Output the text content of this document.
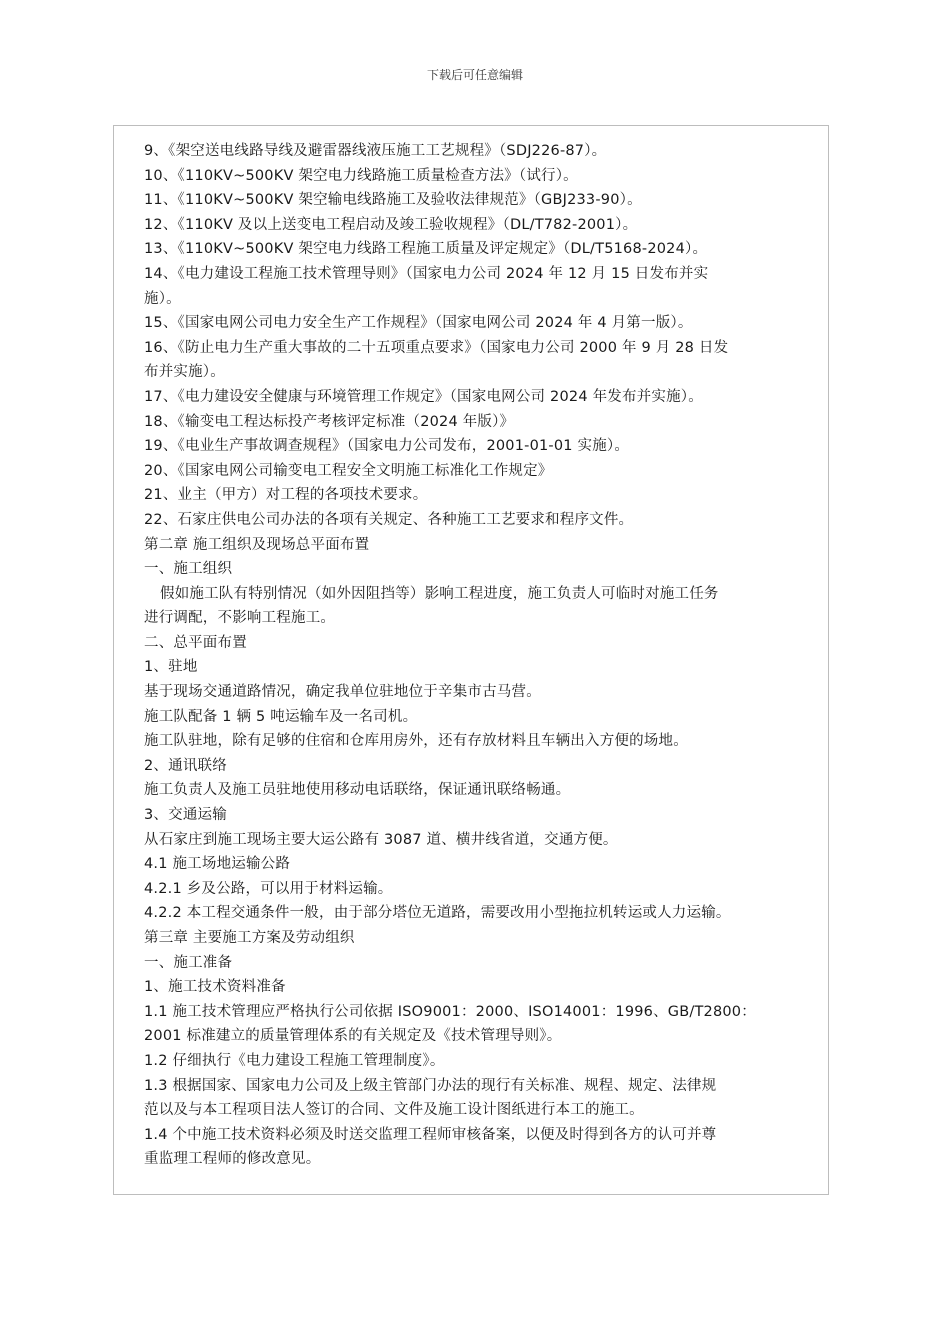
下载后可任意编辑
9、《架空送电线路导线及避雷器线液压施工工艺规程》（SDJ226-87）。
10、《110KV~500KV 架空电力线路施工质量检查方法》（试行）。
11、《110KV~500KV 架空输电线路施工及验收法律规范》（GBJ233-90）。
12、《110KV 及以上送变电工程启动及竣工验收规程》（DL/T782-2001）。
13、《110KV~500KV 架空电力线路工程施工质量及评定规定》（DL/T5168-2024）。
14、《电力建设工程施工技术管理导则》（国家电力公司 2024 年 12 月 15 日发布并实
施）。
15、《国家电网公司电力安全生产工作规程》（国家电网公司 2024 年 4 月第一版）。
16、《防止电力生产重大事故的二十五项重点要求》（国家电力公司 2000 年 9 月 28 日发
布并实施）。
17、《电力建设安全健康与环境管理工作规定》（国家电网公司 2024 年发布并实施）。
18、《输变电工程达标投产考核评定标准（2024 年版）》
19、《电业生产事故调查规程》（国家电力公司发布，2001-01-01 实施）。
20、《国家电网公司输变电工程安全文明施工标准化工作规定》
21、业主（甲方）对工程的各项技术要求。
22、石家庄供电公司办法的各项有关规定、各种施工工艺要求和程序文件。
第二章 施工组织及现场总平面布置
一、施工组织
假如施工队有特别情况（如外因阻挡等）影响工程进度，施工负责人可临时对施工任务
进行调配，不影响工程施工。
二、总平面布置
1、驻地
基于现场交通道路情况，确定我单位驻地位于辛集市古马营。
施工队配备 1 辆 5 吨运输车及一名司机。
施工队驻地，除有足够的住宿和仓库用房外，还有存放材料且车辆出入方便的场地。
2、通讯联络
施工负责人及施工员驻地使用移动电话联络，保证通讯联络畅通。
3、交通运输
从石家庄到施工现场主要大运公路有 3087 道、横井线省道，交通方便。
4.1 施工场地运输公路
4.2.1 乡及公路，可以用于材料运输。
4.2.2 本工程交通条件一般，由于部分塔位无道路，需要改用小型拖拉机转运或人力运输。
第三章 主要施工方案及劳动组织
一、施工准备
1、施工技术资料准备
1.1 施工技术管理应严格执行公司依据 ISO9001：2000、ISO14001：1996、GB/T2800：
2001 标准建立的质量管理体系的有关规定及《技术管理导则》。
1.2 仔细执行《电力建设工程施工管理制度》。
1.3 根据国家、国家电力公司及上级主管部门办法的现行有关标准、规程、规定、法律规
范以及与本工程项目法人签订的合同、文件及施工设计图纸进行本工的施工。
1.4 个中施工技术资料必须及时送交监理工程师审核备案，以便及时得到各方的认可并尊
重监理工程师的修改意见。
